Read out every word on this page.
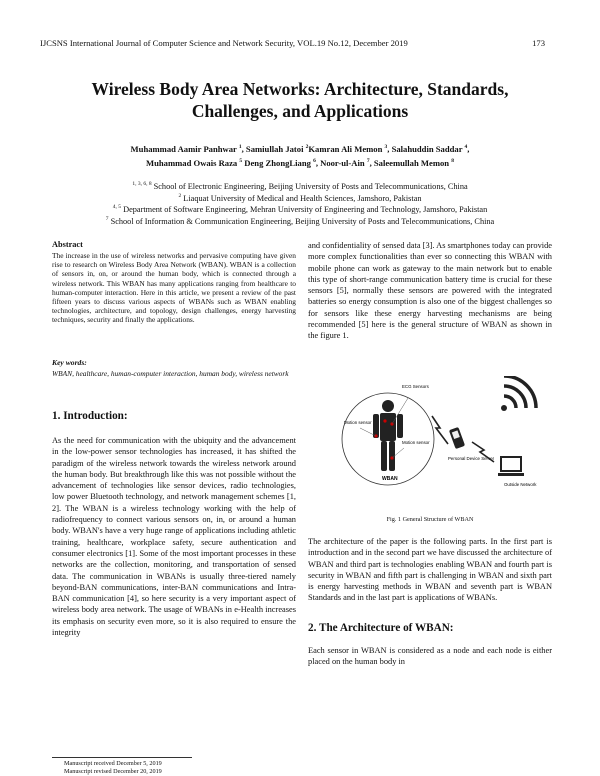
IJCSNS International Journal of Computer Science and Network Security, VOL.19 No.12, December 2019	173
Wireless Body Area Networks: Architecture, Standards,
Challenges, and Applications
Muhammad Aamir Panhwar $^1$, Samiullah Jatoi $^2$Kamran Ali Memon $^3$, Salahuddin Saddar $^4$,
Muhammad Owais Raza $^5$ Deng ZhongLiang $^6$, Noor-ul-Ain $^7$, Saleemullah Memon $^8$
$^{1, 3, 6, 8}$ School of Electronic Engineering, Beijing University of Posts and Telecommunications, China
$^2$ Liaquat University of Medical and Health Sciences, Jamshoro, Pakistan
$^{4, 5}$ Department of Software Engineering, Mehran University of Engineering and Technology, Jamshoro, Pakistan
$^7$ School of Information & Communication Engineering, Beijing University of Posts and Telecommunications, China
Abstract

The increase in the use of wireless networks and pervasive computing have given rise to research on Wireless Body Area Network (WBAN). WBAN is a collection of sensors in, on, or around the human body, which is connected through a wireless network. This WBAN has many applications ranging from healthcare to human-computer interaction. Here in this article, we present a review of the past fifteen years to discuss various aspects of WBANs such as WBAN enabling technologies, architecture, and topology, design challenges, energy harvesting techniques, security and finally the applications.

Key words:

WBAN, healthcare, human-computer interaction, human body, wireless network

1. Introduction:

As the need for communication with the ubiquity and the advancement in the low-power sensor technologies has increased, it has shifted the paradigm of the wireless network towards the wireless network around the human body. But breakthrough like this was not possible without the advancement of technologies like sensor devices, radio technologies, low power Bluetooth technology, and network management schemes [1, 2]. The WBAN is a wireless technology working with the help of radiofrequency to connect various sensors on, in, or around a human body. WBAN's have a very huge range of applications including athletic training, healthcare, workplace safety, secure authentication and consumer electronics [1]. Some of the most important processes in these networks are the collection, monitoring, and transportation of sensed data. The communication in WBANs is usually three-tiered namely beyond-BAN communications, inter-BAN communications and Intra-BAN communication [4], so here security is a very important aspect of wireless body area network. The usage of WBANs in e-Health increases its emphasis on security even more, so it is also required to ensure the integrity

and confidentiality of sensed data [3]. As smartphones today can provide more complex functionalities than ever so connecting this WBAN with mobile phone can work as gateway to the main network but to enable this type of short-range communication battery time is crucial for these sensors [5], normally these sensors are powered with the integrated batteries so energy consumption is also one of the biggest challenges so for sensors like these energy harvesting mechanisms are being recommended [5] here is the general structure of WBAN as shown in the figure 1.

ECG Sensors
Motion sensor
Motion sensor
WBAN
Personal Device Server
Outside Network
Fig. 1 General Structure of WBAN

The architecture of the paper is the following parts. In the first part is introduction and in the second part we have discussed the architecture of WBAN and third part is technologies enabling WBAN and fourth part is security in WBAN and fifth part is challenging in WBAN and sixth part is energy harvesting methods in WBAN and seventh part is WBAN Standards and in the last part is applications of WBANs.

2. The Architecture of WBAN:

Each sensor in WBAN is considered as a node and each node is either placed on the human body in

Manuscript received December 5, 2019
Manuscript revised December 20, 2019
